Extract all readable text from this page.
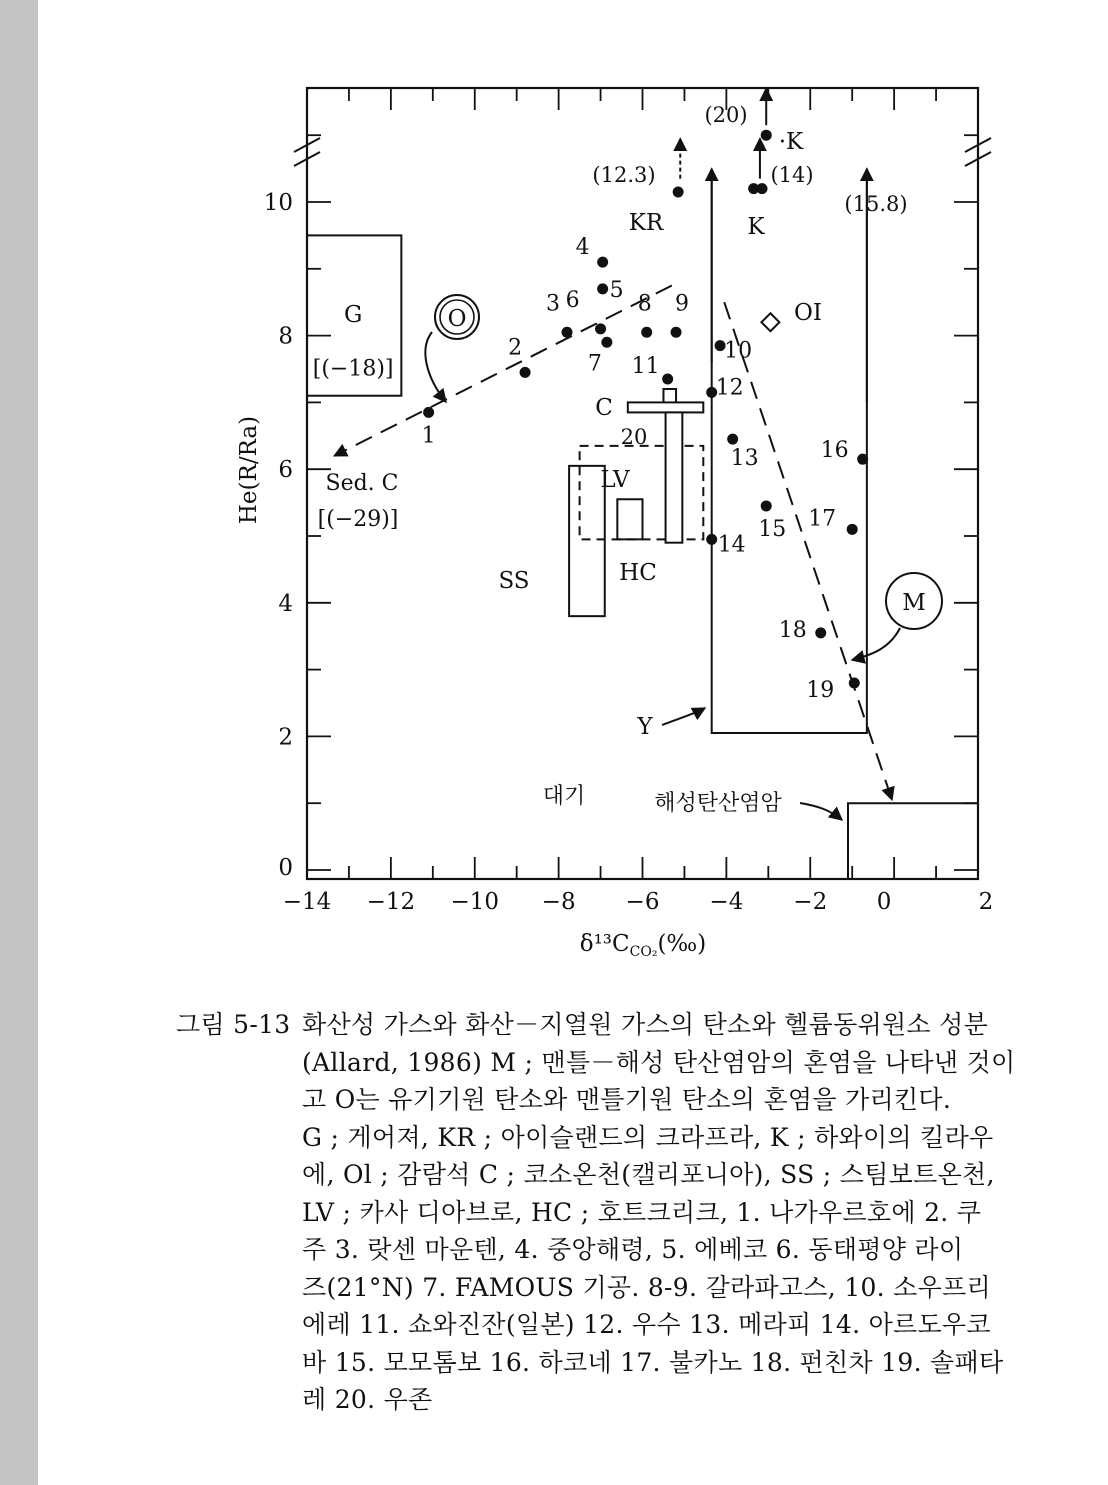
−14 −12 −10 −8 −6 −4 −2 0	2
0
2
4
6
8
10
$\delta^{13}C_{CO_2}(‰)$
He(R/Ra)	1
2
3 6
4
5
7
8 9
11
12
10
13
14
15
16
17
18
19
G
[(−18)]
Sed. C
[(−29)]
SS
LV
HC
C
20
Y
해성탄산염암
대기
OI
O
M
KR	K
·K
(12.3)
(20)
(14)
(15.8)
그림 5-13 화산성 가스와 화산－지열원 가스의 탄소와 헬륨동위원소 성분
(Allard, 1986) M ; 맨틀－해성 탄산염암의 혼염을 나타낸 것이
고 O는 유기기원 탄소와 맨틀기원 탄소의 혼염을 가리킨다.
G ; 게어져, KR ; 아이슬랜드의 크라프라, K ; 하와이의 킬라우
에, Ol ; 감람석 C ; 코소온천(캘리포니아), SS ; 스팀보트온천,
LV ; 카사 디아브로, HC ; 호트크리크, 1. 나가우르호에 2. 쿠
주 3. 랏센 마운텐, 4. 중앙해령, 5. 에베코 6. 동태평양 라이
즈(21°N) 7. FAMOUS 기공. 8-9. 갈라파고스, 10. 소우프리
에레 11. 쇼와진잔(일본) 12. 우수 13. 메라피 14. 아르도우코
바 15. 모모톰보 16. 하코네 17. 불카노 18. 펀친차 19. 솔패타
레 20. 우존
